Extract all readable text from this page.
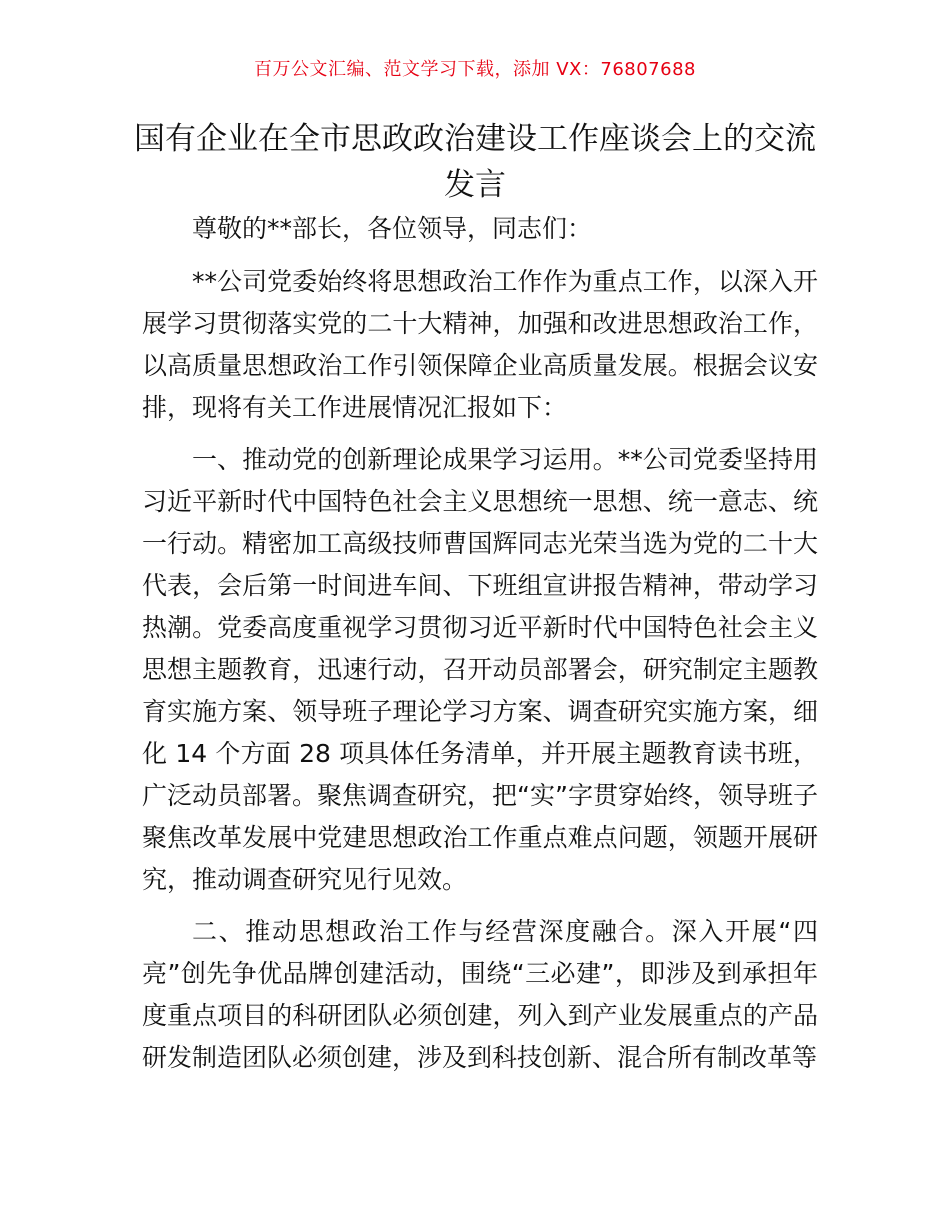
百万公文汇编、范文学习下载，添加 VX：76807688
国有企业在全市思政政治建设工作座谈会上的交流发言

尊敬的**部长，各位领导，同志们：

**公司党委始终将思想政治工作作为重点工作，以深入开展学习贯彻落实党的二十大精神，加强和改进思想政治工作，以高质量思想政治工作引领保障企业高质量发展。根据会议安排，现将有关工作进展情况汇报如下：

一、推动党的创新理论成果学习运用。**公司党委坚持用习近平新时代中国特色社会主义思想统一思想、统一意志、统一行动。精密加工高级技师曹国辉同志光荣当选为党的二十大代表，会后第一时间进车间、下班组宣讲报告精神，带动学习热潮。党委高度重视学习贯彻习近平新时代中国特色社会主义思想主题教育，迅速行动，召开动员部署会，研究制定主题教育实施方案、领导班子理论学习方案、调查研究实施方案，细化 14 个方面 28 项具体任务清单，并开展主题教育读书班，广泛动员部署。聚焦调查研究，把“实”字贯穿始终，领导班子聚焦改革发展中党建思想政治工作重点难点问题，领题开展研究，推动调查研究见行见效。

二、推动思想政治工作与经营深度融合。深入开展“四亮”创先争优品牌创建活动，围绕“三必建”，即涉及到承担年度重点项目的科研团队必须创建，列入到产业发展重点的产品研发制造团队必须创建，涉及到科技创新、混合所有制改革等
